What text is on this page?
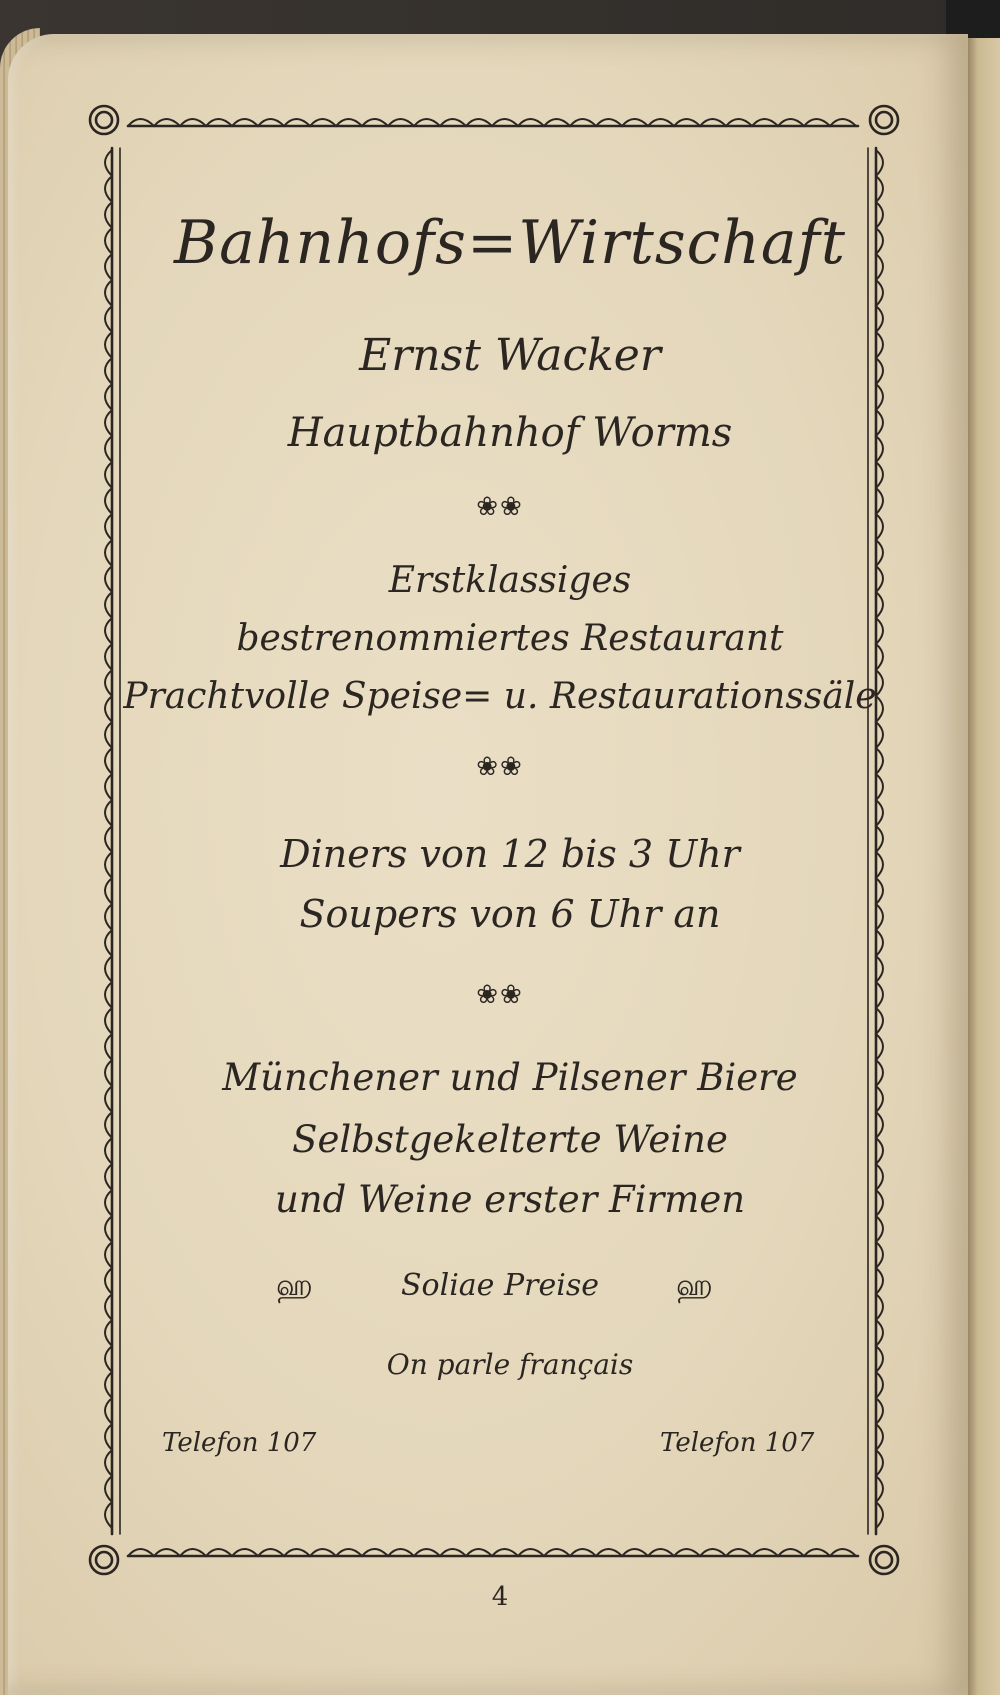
Bahnhofs=Wirtschaft
Ernst Wacker
Hauptbahnhof Worms
❀❀
Erstklassiges
bestrenommiertes Restaurant
Prachtvolle Speise= u. Restaurationssäle
❀❀
Diners von 12 bis 3 Uhr
Soupers von 6 Uhr an
❀❀
Münchener und Pilsener Biere
Selbstgekelterte Weine
und Weine erster Firmen
ஹ	Soliae Preise	ஹ
On parle français
Telefon 107	Telefon 107
4
